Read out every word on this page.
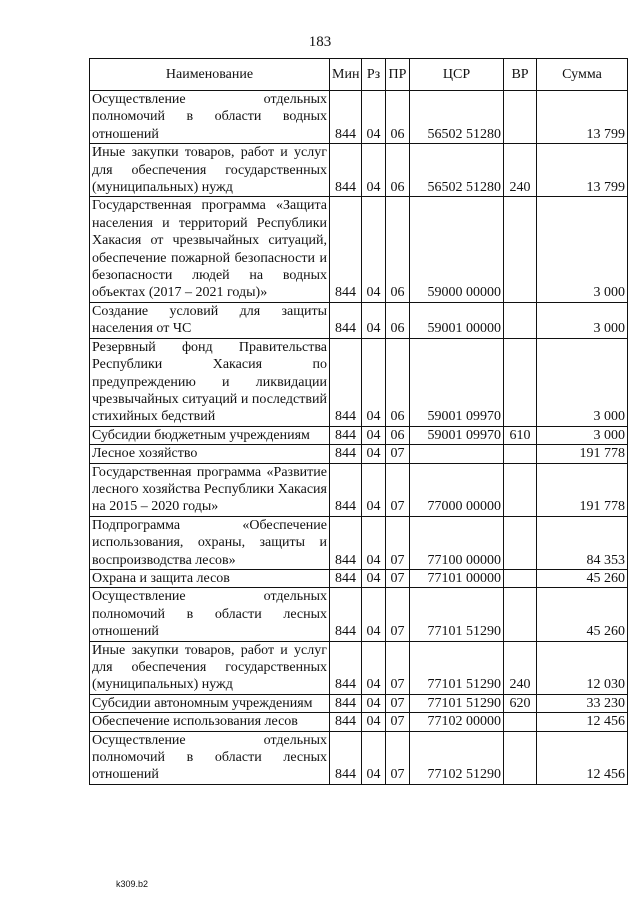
183
Наименование	Мин	Рз	ПР	ЦСР	ВР	Сумма
Осуществление отдельных полномочий в области водных отношений	844	04	06	56502 51280		13 799
Иные закупки товаров, работ и услуг для обеспечения государственных (муниципальных) нужд	844	04	06	56502 51280	240	13 799
Государственная программа «Защита населения и территорий Республики Хакасия от чрезвычайных ситуаций, обеспечение пожарной безопасности и безопасности людей на водных объектах (2017 – 2021 годы)»	844	04	06	59000 00000		3 000
Создание условий для защиты населения от ЧС	844	04	06	59001 00000		3 000
Резервный фонд Правительства Республики Хакасия по предупреждению и ликвидации чрезвычайных ситуаций и последствий стихийных бедствий	844	04	06	59001 09970		3 000
Субсидии бюджетным учреждениям	844	04	06	59001 09970	610	3 000
Лесное хозяйство	844	04	07			191 778
Государственная программа «Развитие лесного хозяйства Республики Хакасия на 2015 – 2020 годы»	844	04	07	77000 00000		191 778
Подпрограмма «Обеспечение использования, охраны, защиты и воспроизводства лесов»	844	04	07	77100 00000		84 353
Охрана и защита лесов	844	04	07	77101 00000		45 260
Осуществление отдельных полномочий в области лесных отношений	844	04	07	77101 51290		45 260
Иные закупки товаров, работ и услуг для обеспечения государственных (муниципальных) нужд	844	04	07	77101 51290	240	12 030
Субсидии автономным учреждениям	844	04	07	77101 51290	620	33 230
Обеспечение использования лесов	844	04	07	77102 00000		12 456
Осуществление отдельных полномочий в области лесных отношений	844	04	07	77102 51290		12 456
k309.b2
